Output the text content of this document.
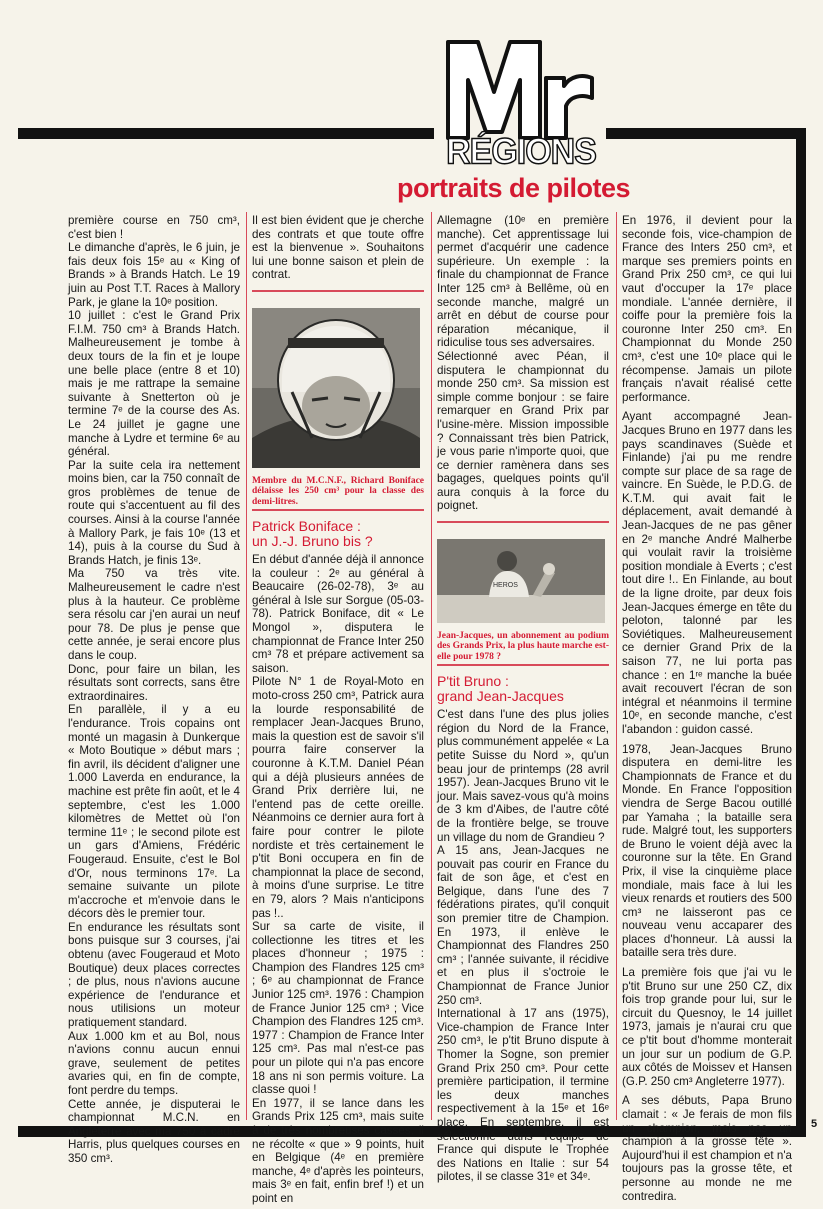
5
RÉGIONS
portraits de pilotes

première course en 750 cm³, c'est bien !

Le dimanche d'après, le 6 juin, je fais deux fois 15ᵉ au « King of Brands » à Brands Hatch. Le 19 juin au Post T.T. Races à Mallory Park, je glane la 10ᵉ position.

10 juillet : c'est le Grand Prix F.I.M. 750 cm³ à Brands Hatch. Malheureusement je tombe à deux tours de la fin et je loupe une belle place (entre 8 et 10) mais je me rattrape la semaine suivante à Snetterton où je termine 7ᵉ de la course des As. Le 24 juillet je gagne une manche à Lydre et termine 6ᵉ au général.

Par la suite cela ira nettement moins bien, car la 750 connaît de gros problèmes de tenue de route qui s'accentuent au fil des courses. Ainsi à la course l'année à Mallory Park, je fais 10ᵉ (13 et 14), puis à la course du Sud à Brands Hatch, je finis 13ᵉ.

Ma 750 va très vite. Malheureusement le cadre n'est plus à la hauteur. Ce problème sera résolu car j'en aurai un neuf pour 78. De plus je pense que cette année, je serai encore plus dans le coup.

Donc, pour faire un bilan, les résultats sont corrects, sans être extraordinaires.

En parallèle, il y a eu l'endurance. Trois copains ont monté un magasin à Dunkerque « Moto Boutique » début mars ; fin avril, ils décident d'aligner une 1.000 Laverda en endurance, la machine est prête fin août, et le 4 septembre, c'est les 1.000 kilomètres de Mettet où l'on termine 11ᵉ ; le second pilote est un gars d'Amiens, Frédéric Fougeraud. Ensuite, c'est le Bol d'Or, nous terminons 17ᵉ. La semaine suivante un pilote m'accroche et m'envoie dans le décors dès le premier tour.

En endurance les résultats sont bons puisque sur 3 courses, j'ai obtenu (avec Fougeraud et Moto Boutique) deux places correctes ; de plus, nous n'avions aucune expérience de l'endurance et nous utilisions un moteur pratiquement standard.

Aux 1.000 km et au Bol, nous n'avions connu aucun ennui grave, seulement de petites avaries qui, en fin de compte, font perdre du temps.

Cette année, je disputerai le championnat M.C.N. en Angleterre avec ma 750 à cadre Harris, plus quelques courses en 350 cm³.

Il est bien évident que je cherche des contrats et que toute offre est la bienvenue ». Souhaitons lui une bonne saison et plein de contrat.

Membre du M.C.N.F., Richard Boniface délaisse les 250 cm³ pour la classe des demi-litres.

Patrick Boniface :
un J.-J. Bruno bis ?

En début d'année déjà il annonce la couleur : 2ᵉ au général à Beaucaire (26-02-78), 3ᵉ au général à Isle sur Sorgue (05-03-78). Patrick Boniface, dit « Le Mongol », disputera le championnat de France Inter 250 cm³ 78 et prépare activement sa saison.

Pilote N° 1 de Royal-Moto en moto-cross 250 cm³, Patrick aura la lourde responsabilité de remplacer Jean-Jacques Bruno, mais la question est de savoir s'il pourra faire conserver la couronne à K.T.M. Daniel Péan qui a déjà plusieurs années de Grand Prix derrière lui, ne l'entend pas de cette oreille. Néanmoins ce dernier aura fort à faire pour contrer le pilote nordiste et très certainement le p'tit Boni occupera en fin de championnat la place de second, à moins d'une surprise. Le titre en 79, alors ? Mais n'anticipons pas !..

Sur sa carte de visite, il collectionne les titres et les places d'honneur ; 1975 : Champion des Flandres 125 cm³ ; 6ᵉ au championnat de France Junior 125 cm³. 1976 : Champion de France Junior 125 cm³ ; Vice Champion des Flandres 125 cm³. 1977 : Champion de France Inter 125 cm³. Pas mal n'est-ce pas pour un pilote qui n'a pas encore 18 ans ni son permis voiture. La classe quoi !

En 1977, il se lance dans les Grands Prix 125 cm³, mais suite à de très nombreuses casses, il ne récolte « que » 9 points, huit en Belgique (4ᵉ en première manche, 4ᵉ d'après les pointeurs, mais 3ᵉ en fait, enfin bref !) et un point en

Allemagne (10ᵉ en première manche). Cet apprentissage lui permet d'acquérir une cadence supérieure. Un exemple : la finale du championnat de France Inter 125 cm³ à Bellême, où en seconde manche, malgré un arrêt en début de course pour réparation mécanique, il ridiculise tous ses adversaires.

Sélectionné avec Péan, il disputera le championnat du monde 250 cm³. Sa mission est simple comme bonjour : se faire remarquer en Grand Prix par l'usine-mère. Mission impossible ? Connaissant très bien Patrick, je vous parie n'importe quoi, que ce dernier ramènera dans ses bagages, quelques points qu'il aura conquis à la force du poignet.

HEROS

Jean-Jacques, un abonnement au podium des Grands Prix, la plus haute marche est-elle pour 1978 ?

P'tit Bruno :
grand Jean-Jacques

C'est dans l'une des plus jolies région du Nord de la France, plus communément appelée « La petite Suisse du Nord », qu'un beau jour de printemps (28 avril 1957). Jean-Jacques Bruno vit le jour. Mais savez-vous qu'à moins de 3 km d'Aibes, de l'autre côté de la frontière belge, se trouve un village du nom de Grandieu ?

A 15 ans, Jean-Jacques ne pouvait pas courir en France du fait de son âge, et c'est en Belgique, dans l'une des 7 fédérations pirates, qu'il conquit son premier titre de Champion. En 1973, il enlève le Championnat des Flandres 250 cm³ ; l'année suivante, il récidive et en plus il s'octroie le Championnat de France Junior 250 cm³.

International à 17 ans (1975), Vice-champion de France Inter 250 cm³, le p'tit Bruno dispute à Thomer la Sogne, son premier Grand Prix 250 cm³. Pour cette première participation, il termine les deux manches respectivement à la 15ᵉ et 16ᵉ place. En septembre, il est sélectionné dans l'équipe de France qui dispute le Trophée des Nations en Italie : sur 54 pilotes, il se classe 31ᵉ et 34ᵉ.

En 1976, il devient pour la seconde fois, vice-champion de France des Inters 250 cm³, et marque ses premiers points en Grand Prix 250 cm³, ce qui lui vaut d'occuper la 17ᵉ place mondiale. L'année dernière, il coiffe pour la première fois la couronne Inter 250 cm³. En Championnat du Monde 250 cm³, c'est une 10ᵉ place qui le récompense. Jamais un pilote français n'avait réalisé cette performance.

Ayant accompagné Jean-Jacques Bruno en 1977 dans les pays scandinaves (Suède et Finlande) j'ai pu me rendre compte sur place de sa rage de vaincre. En Suède, le P.D.G. de K.T.M. qui avait fait le déplacement, avait demandé à Jean-Jacques de ne pas gêner en 2ᵉ manche André Malherbe qui voulait ravir la troisième position mondiale à Everts ; c'est tout dire !.. En Finlande, au bout de la ligne droite, par deux fois Jean-Jacques émerge en tête du peloton, talonné par les Soviétiques. Malheureusement ce dernier Grand Prix de la saison 77, ne lui porta pas chance : en 1ʳᵉ manche la buée avait recouvert l'écran de son intégral et néanmoins il termine 10ᵉ, en seconde manche, c'est l'abandon : guidon cassé.

1978, Jean-Jacques Bruno disputera en demi-litre les Championnats de France et du Monde. En France l'opposition viendra de Serge Bacou outillé par Yamaha ; la bataille sera rude. Malgré tout, les supporters de Bruno le voient déjà avec la couronne sur la tête. En Grand Prix, il vise la cinquième place mondiale, mais face à lui les vieux renards et routiers des 500 cm³ ne laisseront pas ce nouveau venu accaparer des places d'honneur. Là aussi la bataille sera très dure.

La première fois que j'ai vu le p'tit Bruno sur une 250 CZ, dix fois trop grande pour lui, sur le circuit du Quesnoy, le 14 juillet 1973, jamais je n'aurai cru que ce p'tit bout d'homme monterait un jour sur un podium de G.P. aux côtés de Moissev et Hansen (G.P. 250 cm³ Angleterre 1977).

A ses débuts, Papa Bruno clamait : « Je ferais de mon fils un champion, mais pas un champion à la grosse tête ». Aujourd'hui il est champion et n'a toujours pas la grosse tête, et personne au monde ne me contredira.
